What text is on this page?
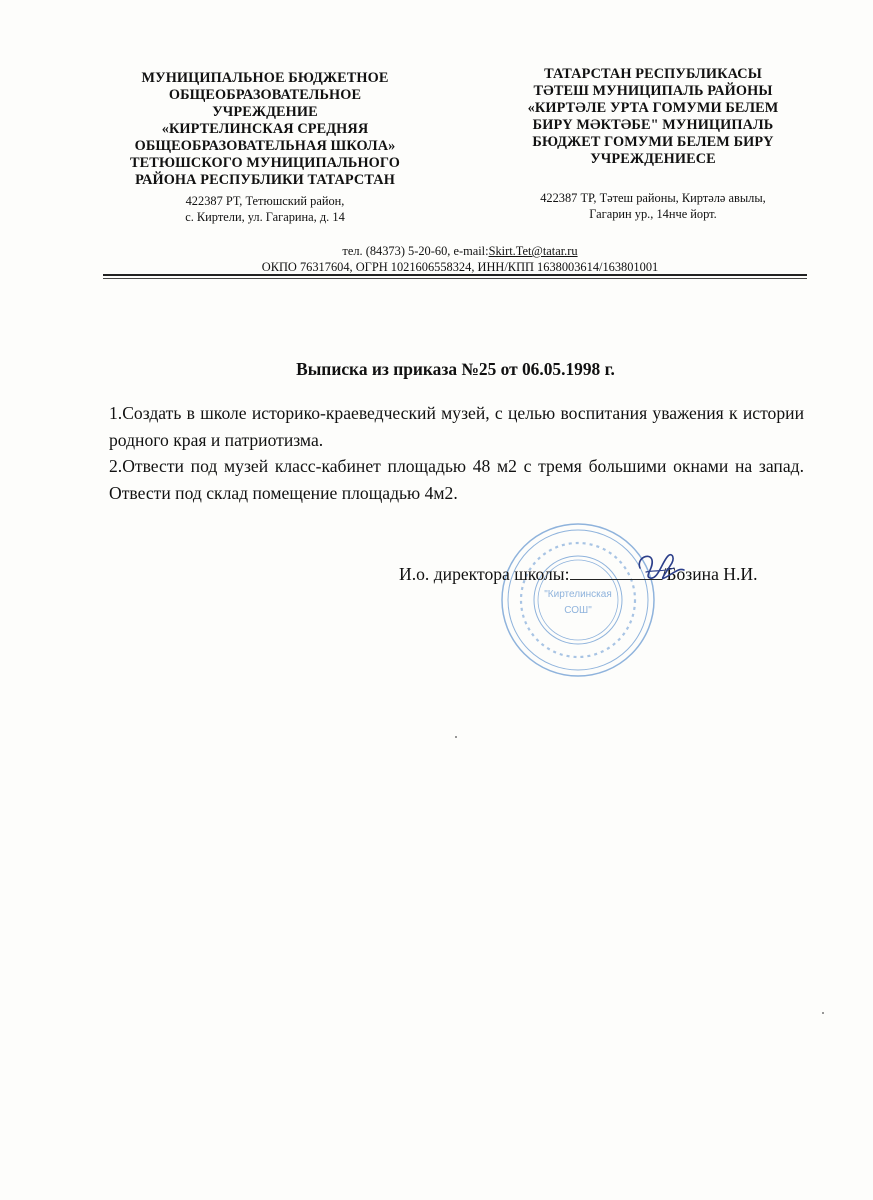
МУНИЦИПАЛЬНОЕ БЮДЖЕТНОЕ
ОБЩЕОБРАЗОВАТЕЛЬНОЕ
УЧРЕЖДЕНИЕ
«КИРТЕЛИНСКАЯ СРЕДНЯЯ
ОБЩЕОБРАЗОВАТЕЛЬНАЯ ШКОЛА»
ТЕТЮШСКОГО МУНИЦИПАЛЬНОГО
РАЙОНА РЕСПУБЛИКИ ТАТАРСТАН
422387 РТ, Тетюшский район,
с. Киртели, ул. Гагарина, д. 14
ТАТАРСТАН РЕСПУБЛИКАСЫ
ТӘТЕШ МУНИЦИПАЛЬ РАЙОНЫ
«КИРТӘЛЕ УРТА ГОМУМИ БЕЛЕМ
БИРҮ МӘКТӘБЕ" МУНИЦИПАЛЬ
БЮДЖЕТ ГОМУМИ БЕЛЕМ БИРҮ
УЧРЕЖДЕНИЕСЕ
422387 ТР, Тәтеш районы, Киртәлә авылы,
Гагарин ур., 14нче йорт.
тел. (84373) 5-20-60, e-mail:Skirt.Tet@tatar.ru
ОКПО 76317604, ОГРН 1021606558324, ИНН/КПП 1638003614/163801001
Выписка из приказа №25 от 06.05.1998 г.

1.Создать в школе историко-краеведческий музей, с целью воспитания уважения к истории родного края и патриотизма.

2.Отвести под музей класс-кабинет площадью 48 м2 с тремя большими окнами на запад. Отвести под склад помещение площадью 4м2.

"Киртелинская
СОШ"
И.о. директора школы:	/Бозина Н.И.
